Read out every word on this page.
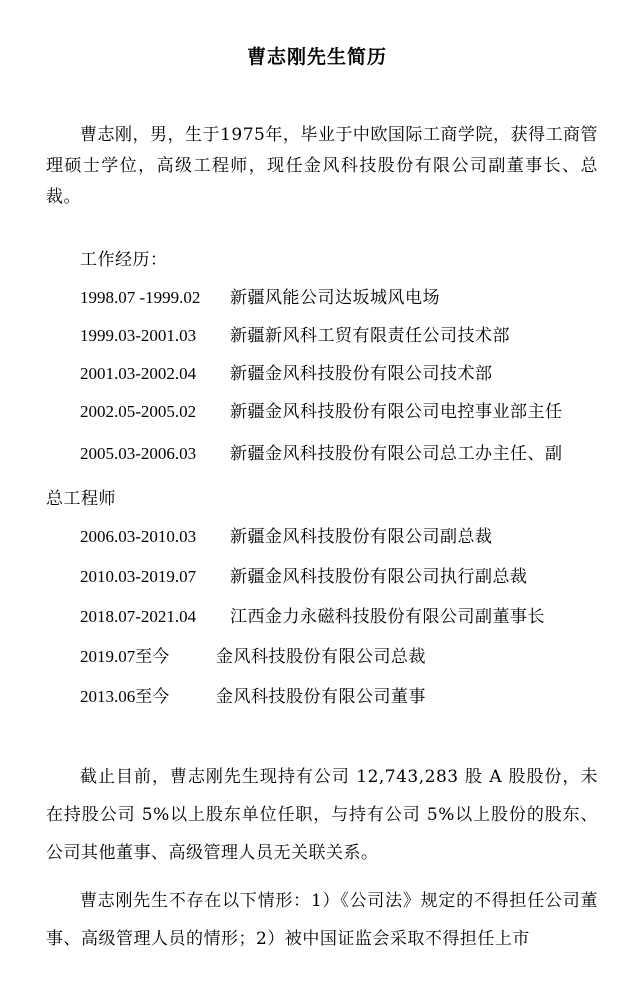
曹志刚先生简历
曹志刚，男，生于1975年，毕业于中欧国际工商学院，获得工商管理硕士学位，高级工程师，现任金风科技股份有限公司副董事长、总裁。
工作经历：
1998.07 -1999.02 新疆风能公司达坂城风电场
1999.03-2001.03 新疆新风科工贸有限责任公司技术部
2001.03-2002.04 新疆金风科技股份有限公司技术部
2002.05-2005.02 新疆金风科技股份有限公司电控事业部主任
2005.03-2006.03 新疆金风科技股份有限公司总工办主任、副
总工程师
2006.03-2010.03 新疆金风科技股份有限公司副总裁
2010.03-2019.07 新疆金风科技股份有限公司执行副总裁
2018.07-2021.04 江西金力永磁科技股份有限公司副董事长
2019.07至今	金风科技股份有限公司总裁
2013.06至今	金风科技股份有限公司董事
截止目前，曹志刚先生现持有公司 12,743,283 股 A 股股份，未在持股公司 5%以上股东单位任职，与持有公司 5%以上股份的股东、公司其他董事、高级管理人员无关联关系。
曹志刚先生不存在以下情形：1）《公司法》规定的不得担任公司董事、高级管理人员的情形；2）被中国证监会采取不得担任上市
